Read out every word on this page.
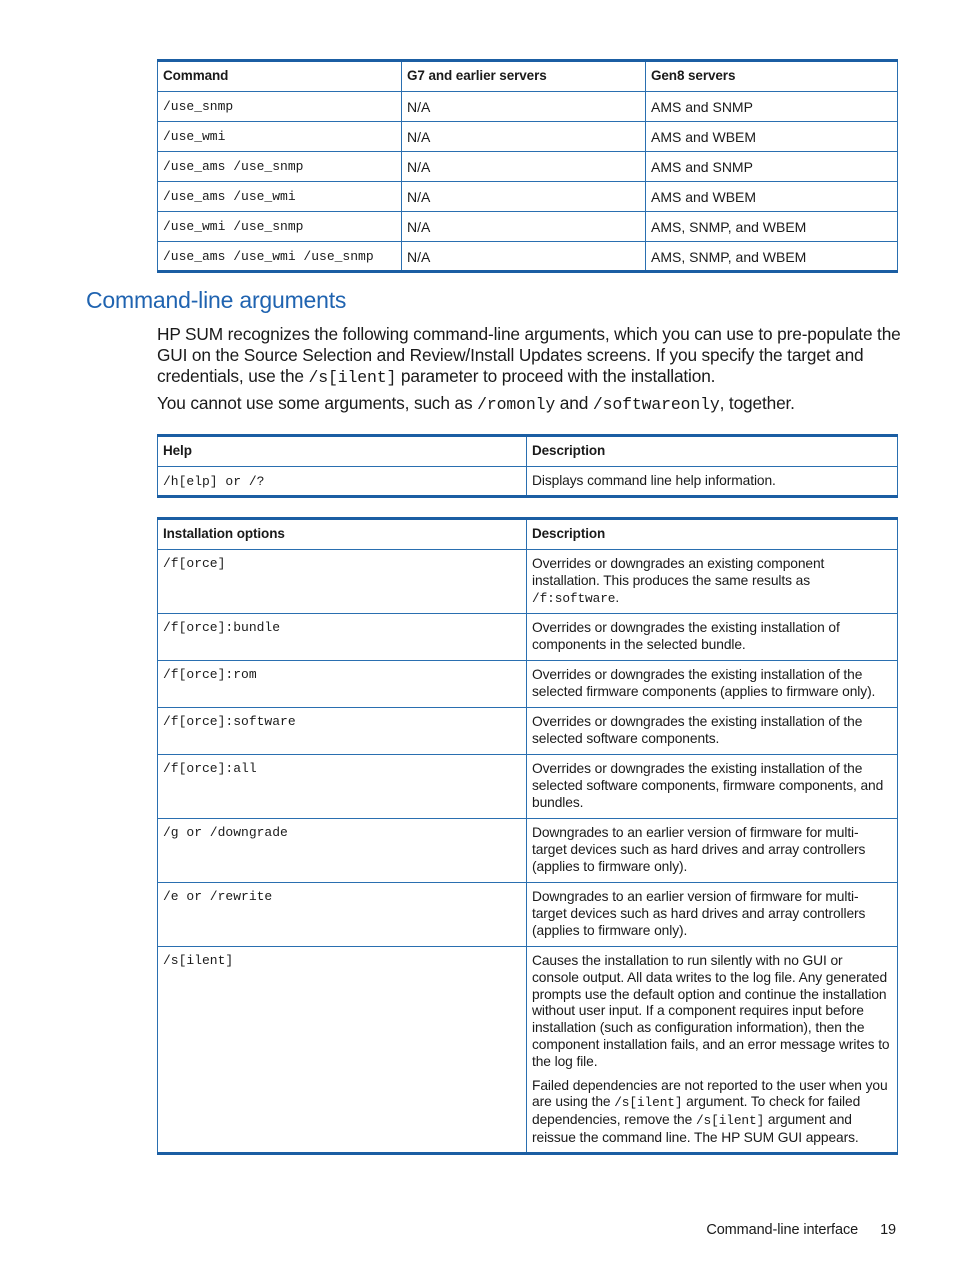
Command	G7 and earlier servers	Gen8 servers
/use_snmp	N/A	AMS and SNMP
/use_wmi	N/A	AMS and WBEM
/use_ams /use_snmp	N/A	AMS and SNMP
/use_ams /use_wmi	N/A	AMS and WBEM
/use_wmi /use_snmp	N/A	AMS, SNMP, and WBEM
/use_ams /use_wmi /use_snmp	N/A	AMS, SNMP, and WBEM
Command-line arguments

HP SUM recognizes the following command-line arguments, which you can use to pre-populate the GUI on the Source Selection and Review/Install Updates screens. If you specify the target and credentials, use the /s[ilent] parameter to proceed with the installation.

You cannot use some arguments, such as /romonly and /softwareonly, together.

Help	Description
/h[elp] or /?	Displays command line help information.
Installation options	Description
/f[orce]	Overrides or downgrades an existing component installation. This produces the same results as /f:software.
/f[orce]:bundle	Overrides or downgrades the existing installation of components in the selected bundle.
/f[orce]:rom	Overrides or downgrades the existing installation of the selected firmware components (applies to firmware only).
/f[orce]:software	Overrides or downgrades the existing installation of the selected software components.
/f[orce]:all	Overrides or downgrades the existing installation of the selected software components, firmware components, and bundles.
/g or /downgrade	Downgrades to an earlier version of firmware for multi-target devices such as hard drives and array controllers (applies to firmware only).
/e or /rewrite	Downgrades to an earlier version of firmware for multi-target devices such as hard drives and array controllers (applies to firmware only).
/s[ilent]	Causes the installation to run silently with no GUI or console output. All data writes to the log file. Any generated prompts use the default option and continue the installation without user input. If a component requires input before installation (such as configuration information), then the component installation fails, and an error message writes to the log file.

Failed dependencies are not reported to the user when you are using the /s[ilent] argument. To check for failed dependencies, remove the /s[ilent] argument and reissue the command line. The HP SUM GUI appears.

Command-line interface 19
